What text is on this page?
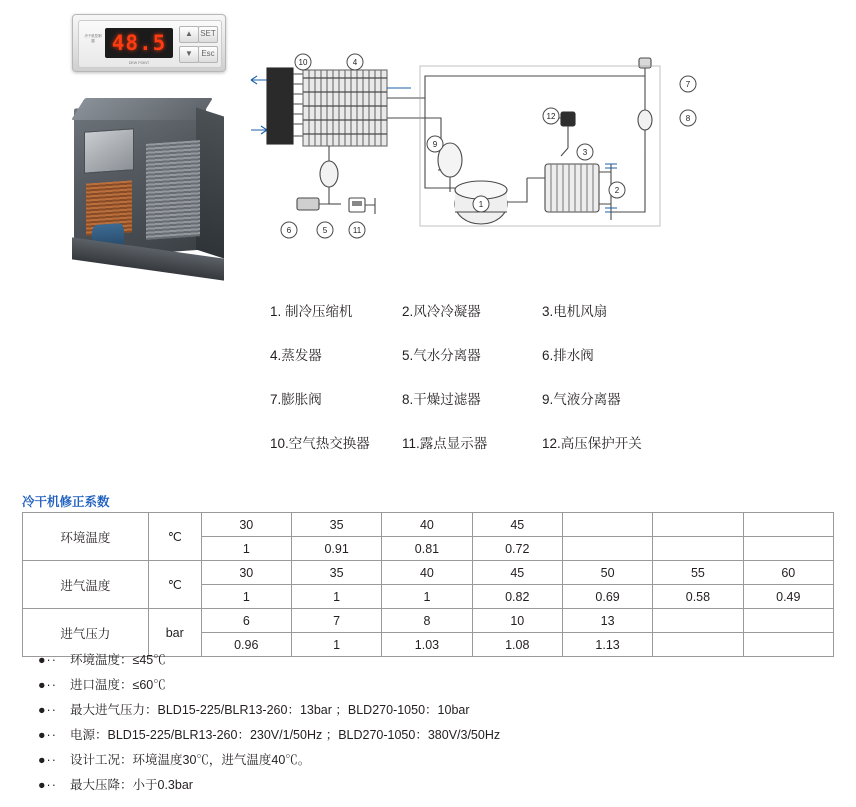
冷干机控制器 48.5
DEW POINT
▲
▼
SET
Esc
1
2
3
4
5
6
7
8
9
10
11
12
1. 制冷压缩机	2.风冷冷凝器	3.电机风扇
4.蒸发器	5.气水分离器	6.排水阀
7.膨胀阀	8.干燥过滤器	9.气液分离器
10.空气热交换器	11.露点显示器	12.高压保护开关
冷干机修正系数
环境温度	℃	30	35	40	45			
		1	0.91	0.81	0.72			
进气温度	℃	30	35	40	45	50	55	60
		1	1	1	0.82	0.69	0.58	0.49
进气压力	bar	6	7	8	10	13		
		0.96	1	1.03	1.08	1.13		
●··	环境温度：≤45℃
●··	进口温度：≤60℃
●··	最大进气压力：BLD15-225/BLR13-260：13bar ；BLD270-1050：10bar
●··	电源：BLD15-225/BLR13-260：230V/1/50Hz ；BLD270-1050：380V/3/50Hz
●··	设计工况：环境温度30℃，进气温度40℃。
●··	最大压降：小于0.3bar
